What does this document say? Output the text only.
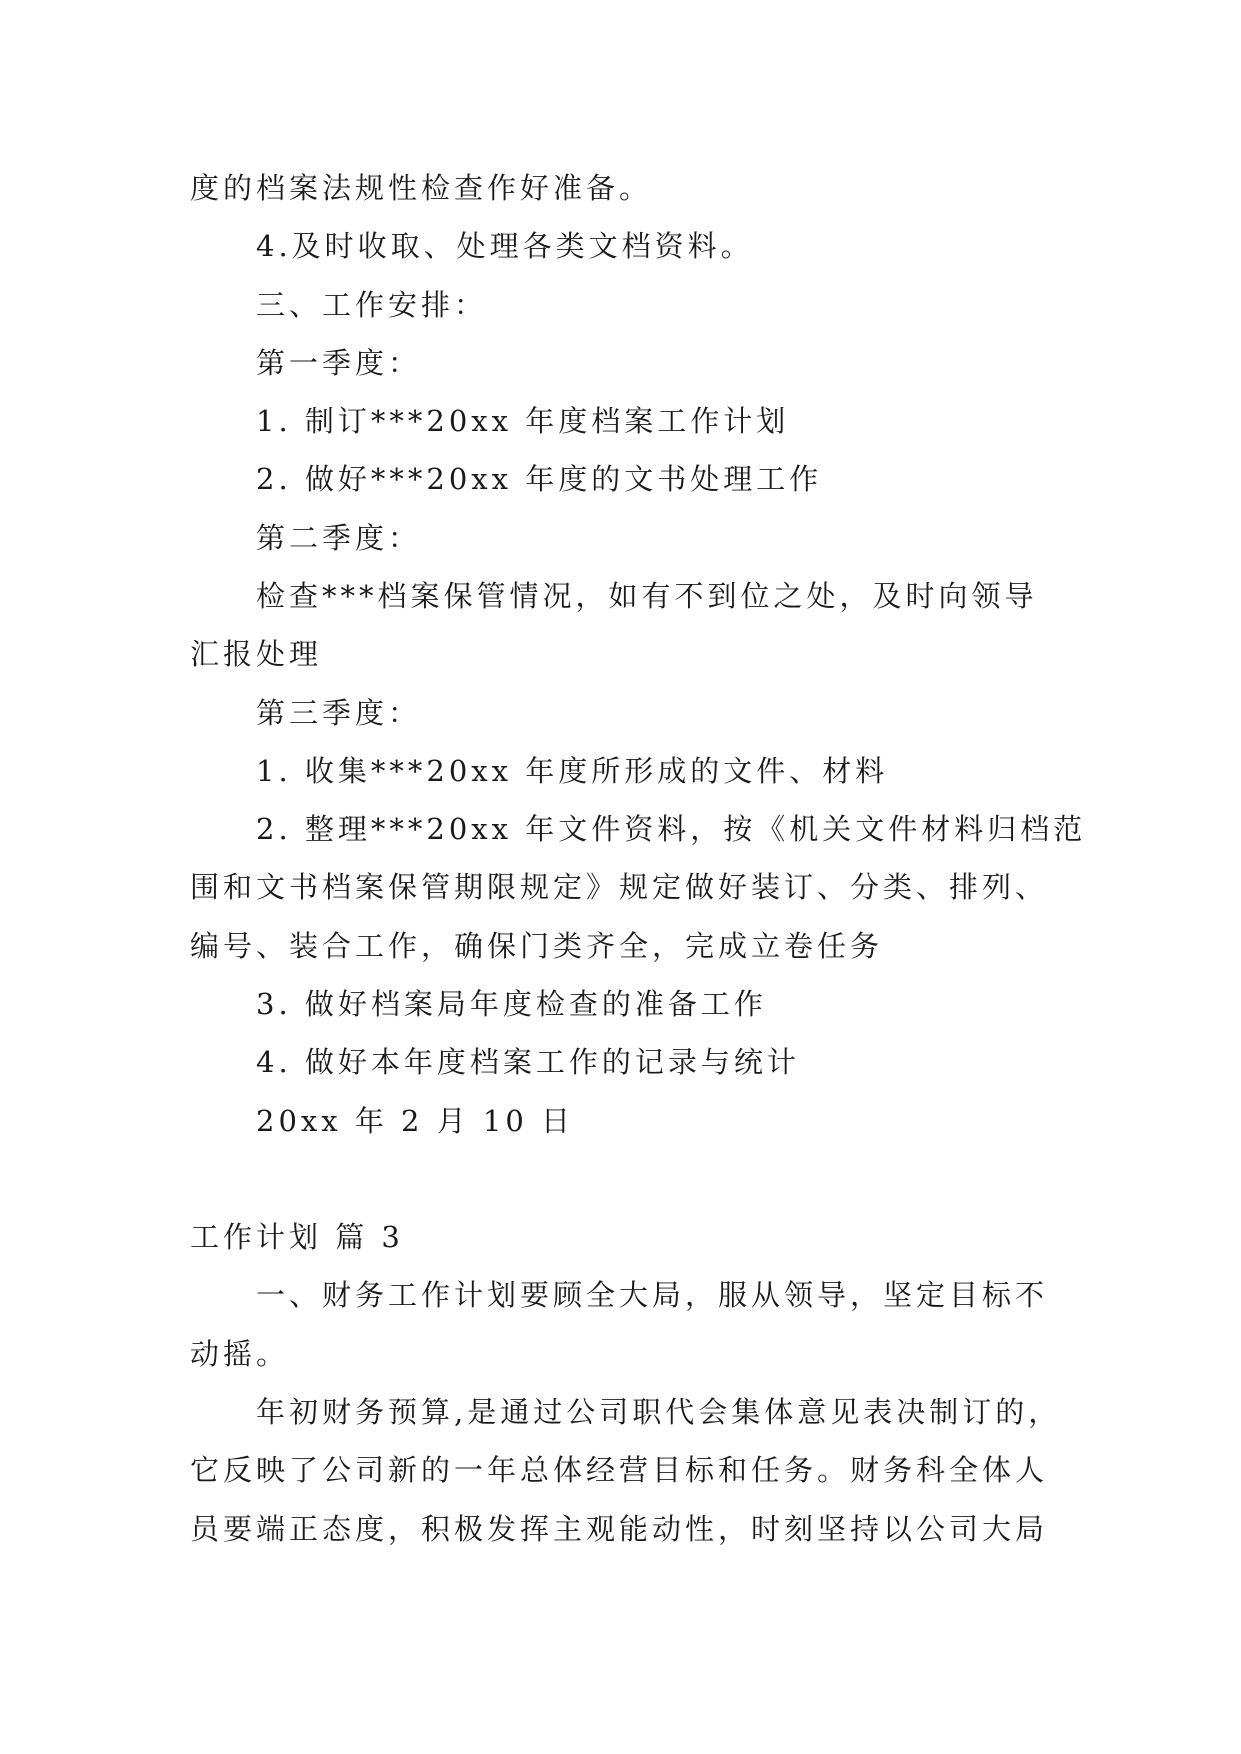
度的档案法规性检查作好准备。
4.及时收取、处理各类文档资料。
三、工作安排：
第一季度：
1. 制订***20xx 年度档案工作计划
2. 做好***20xx 年度的文书处理工作
第二季度：
检查***档案保管情况，如有不到位之处，及时向领导
汇报处理
第三季度：
1. 收集***20xx 年度所形成的文件、材料
2. 整理***20xx 年文件资料，按《机关文件材料归档范
围和文书档案保管期限规定》规定做好装订、分类、排列、
编号、装合工作，确保门类齐全，完成立卷任务
3. 做好档案局年度检查的准备工作
4. 做好本年度档案工作的记录与统计
20xx 年 2 月 10 日
工作计划 篇 3
一、财务工作计划要顾全大局，服从领导，坚定目标不
动摇。
年初财务预算,是通过公司职代会集体意见表决制订的，
它反映了公司新的一年总体经营目标和任务。财务科全体人
员要端正态度，积极发挥主观能动性，时刻坚持以公司大局
